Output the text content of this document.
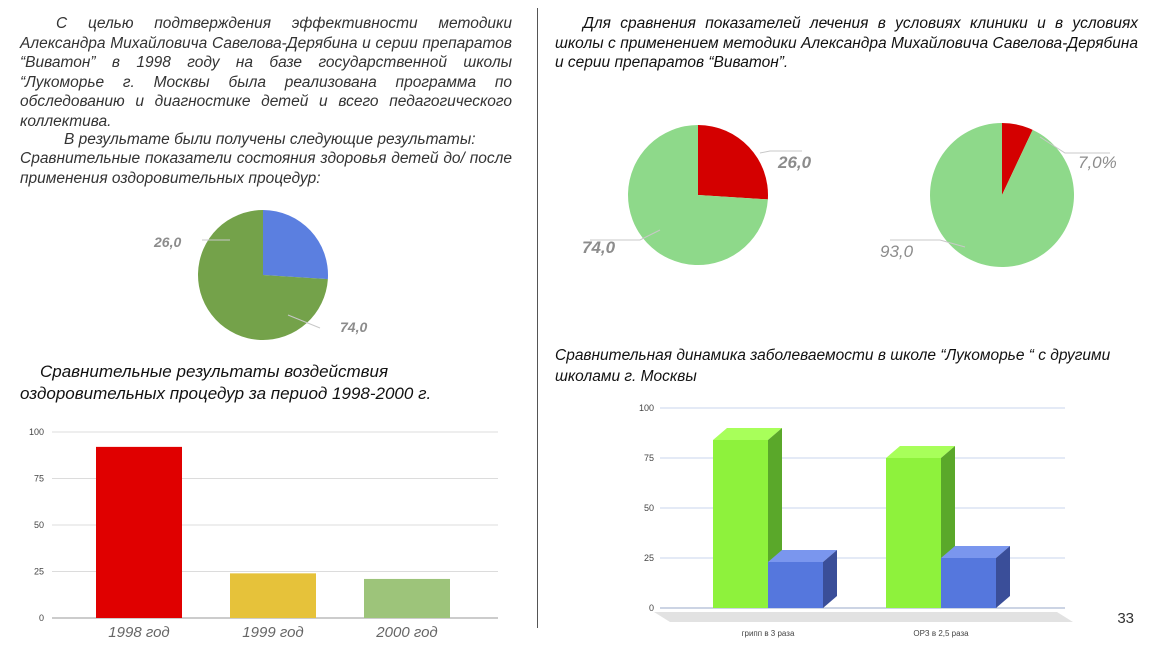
С целью подтверждения эффективности методики Александра Михайловича Савелова-Дерябина и серии препаратов “Виватон” в 1998 году на базе государственной школы “Лукоморье г. Москвы была реализована программа по обследованию и диагностике детей и всего педагогического коллектива.
В результате были получены следующие результаты:
Сравнительные показатели состояния здоровья детей до/ после применения оздоровительных процедур:
26,0
74,0
Сравнительные результаты воздействия оздоровительных процедур за период 1998-2000 г.
0
25
50
75
100
1998 год	1999 год	2000 год
Для сравнения показателей лечения в условиях клиники и в условиях школы с применением методики Александра Михайловича Савелова-Дерябина и серии препаратов “Виватон”.
26,0
74,0
7,0%
93,0
Сравнительная динамика заболеваемости в школе “Лукоморье “ с другими школами г. Москвы
0
25
50
75
100
грипп в 3 раза	ОРЗ в 2,5 раза
33
